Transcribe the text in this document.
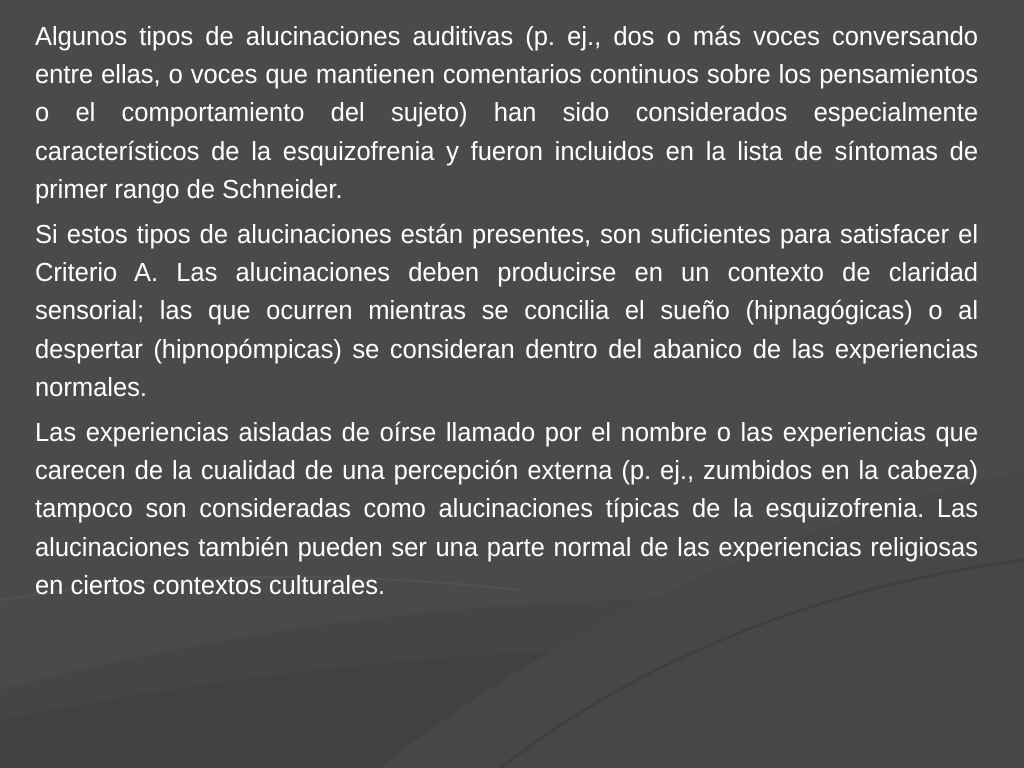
Algunos tipos de alucinaciones auditivas (p. ej., dos o más voces conversando entre ellas, o voces que mantienen comentarios continuos sobre los pensamientos o el comportamiento del sujeto) han sido considerados especialmente característicos de la esquizofrenia y fueron incluidos en la lista de síntomas de primer rango de Schneider.

Si estos tipos de alucinaciones están presentes, son suficientes para satisfacer el Criterio A. Las alucinaciones deben producirse en un contexto de claridad sensorial; las que ocurren mientras se concilia el sueño (hipnagógicas) o al despertar (hipnopómpicas) se consideran dentro del abanico de las experiencias normales.

Las experiencias aisladas de oírse llamado por el nombre o las experiencias que carecen de la cualidad de una percepción externa (p. ej., zumbidos en la cabeza) tampoco son consideradas como alucinaciones típicas de la esquizofrenia. Las alucinaciones también pueden ser una parte normal de las experiencias religiosas en ciertos contextos culturales.
